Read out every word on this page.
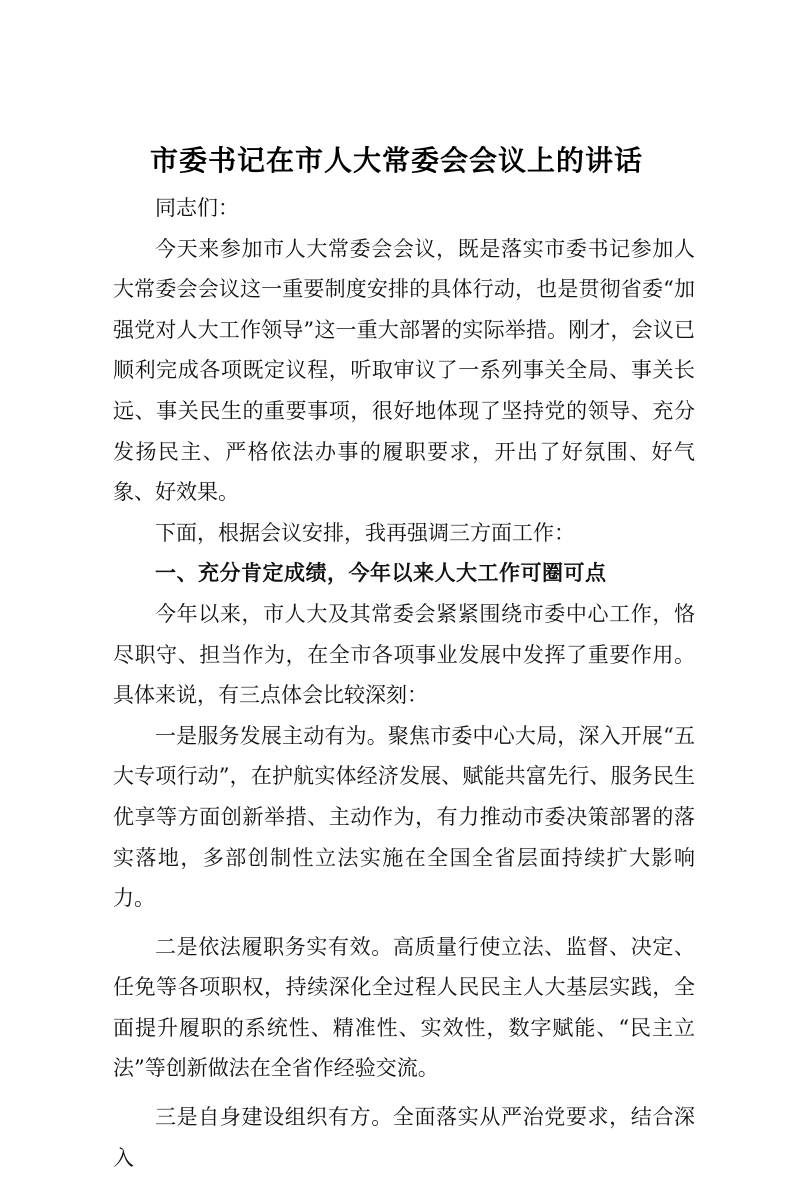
市委书记在市人大常委会会议上的讲话

同志们：

今天来参加市人大常委会会议，既是落实市委书记参加人大常委会会议这一重要制度安排的具体行动，也是贯彻省委“加强党对人大工作领导”这一重大部署的实际举措。刚才，会议已顺利完成各项既定议程，听取审议了一系列事关全局、事关长远、事关民生的重要事项，很好地体现了坚持党的领导、充分发扬民主、严格依法办事的履职要求，开出了好氛围、好气象、好效果。

下面，根据会议安排，我再强调三方面工作：

一、充分肯定成绩，今年以来人大工作可圈可点

今年以来，市人大及其常委会紧紧围绕市委中心工作，恪尽职守、担当作为，在全市各项事业发展中发挥了重要作用。具体来说，有三点体会比较深刻：

一是服务发展主动有为。聚焦市委中心大局，深入开展“五大专项行动”，在护航实体经济发展、赋能共富先行、服务民生优享等方面创新举措、主动作为，有力推动市委决策部署的落实落地，多部创制性立法实施在全国全省层面持续扩大影响力。

二是依法履职务实有效。高质量行使立法、监督、决定、任免等各项职权，持续深化全过程人民民主人大基层实践，全面提升履职的系统性、精准性、实效性，数字赋能、“民主立法”等创新做法在全省作经验交流。

三是自身建设组织有方。全面落实从严治党要求，结合深入
